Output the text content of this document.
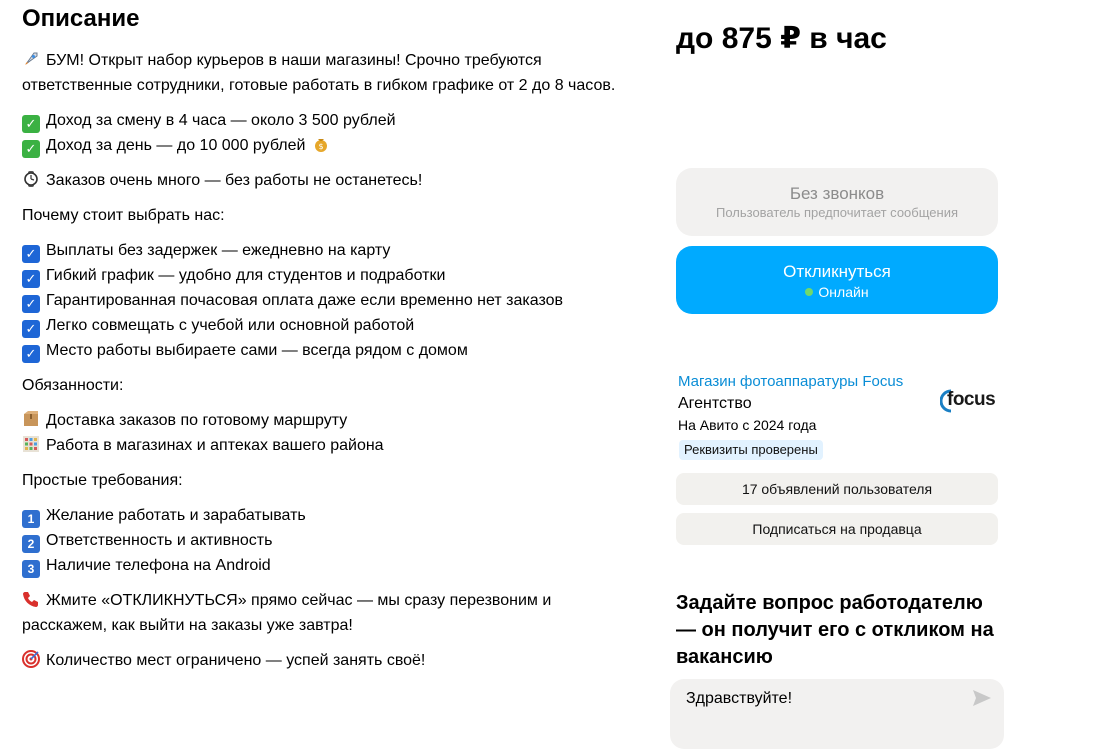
Описание

БУМ! Открыт набор курьеров в наши магазины! Срочно требуются ответственные сотрудники, готовые работать в гибком графике от 2 до 8 часов.

✓ Доход за смену в 4 часа — около 3 500 рублей
✓ Доход за день — до 10 000 рублей $
Заказов очень много — без работы не останетесь!
Почему стоит выбрать нас:
✓ Выплаты без задержек — ежедневно на карту
✓ Гибкий график — удобно для студентов и подработки
✓ Гарантированная почасовая оплата даже если временно нет заказов
✓ Легко совмещать с учебой или основной работой
✓ Место работы выбираете сами — всегда рядом с домом
Обязанности:
Доставка заказов по готовому маршруту
Работа в магазинах и аптеках вашего района
Простые требования:
1 Желание работать и зарабатывать
2 Ответственность и активность
3 Наличие телефона на Android

Жмите «ОТКЛИКНУТЬСЯ» прямо сейчас — мы сразу перезвоним и расскажем, как выйти на заказы уже завтра!

Количество мест ограничено — успей занять своё!
до 875 ₽ в час
Без звонков
Пользователь предпочитает сообщения
Откликнуться
Онлайн
Магазин фотоаппаратуры Focus
Агентство
На Авито с 2024 года
Реквизиты проверены
focus
17 объявлений пользователя
Подписаться на продавца
Задайте вопрос работодателю — он получит его с откликом на вакансию
Здравствуйте!
